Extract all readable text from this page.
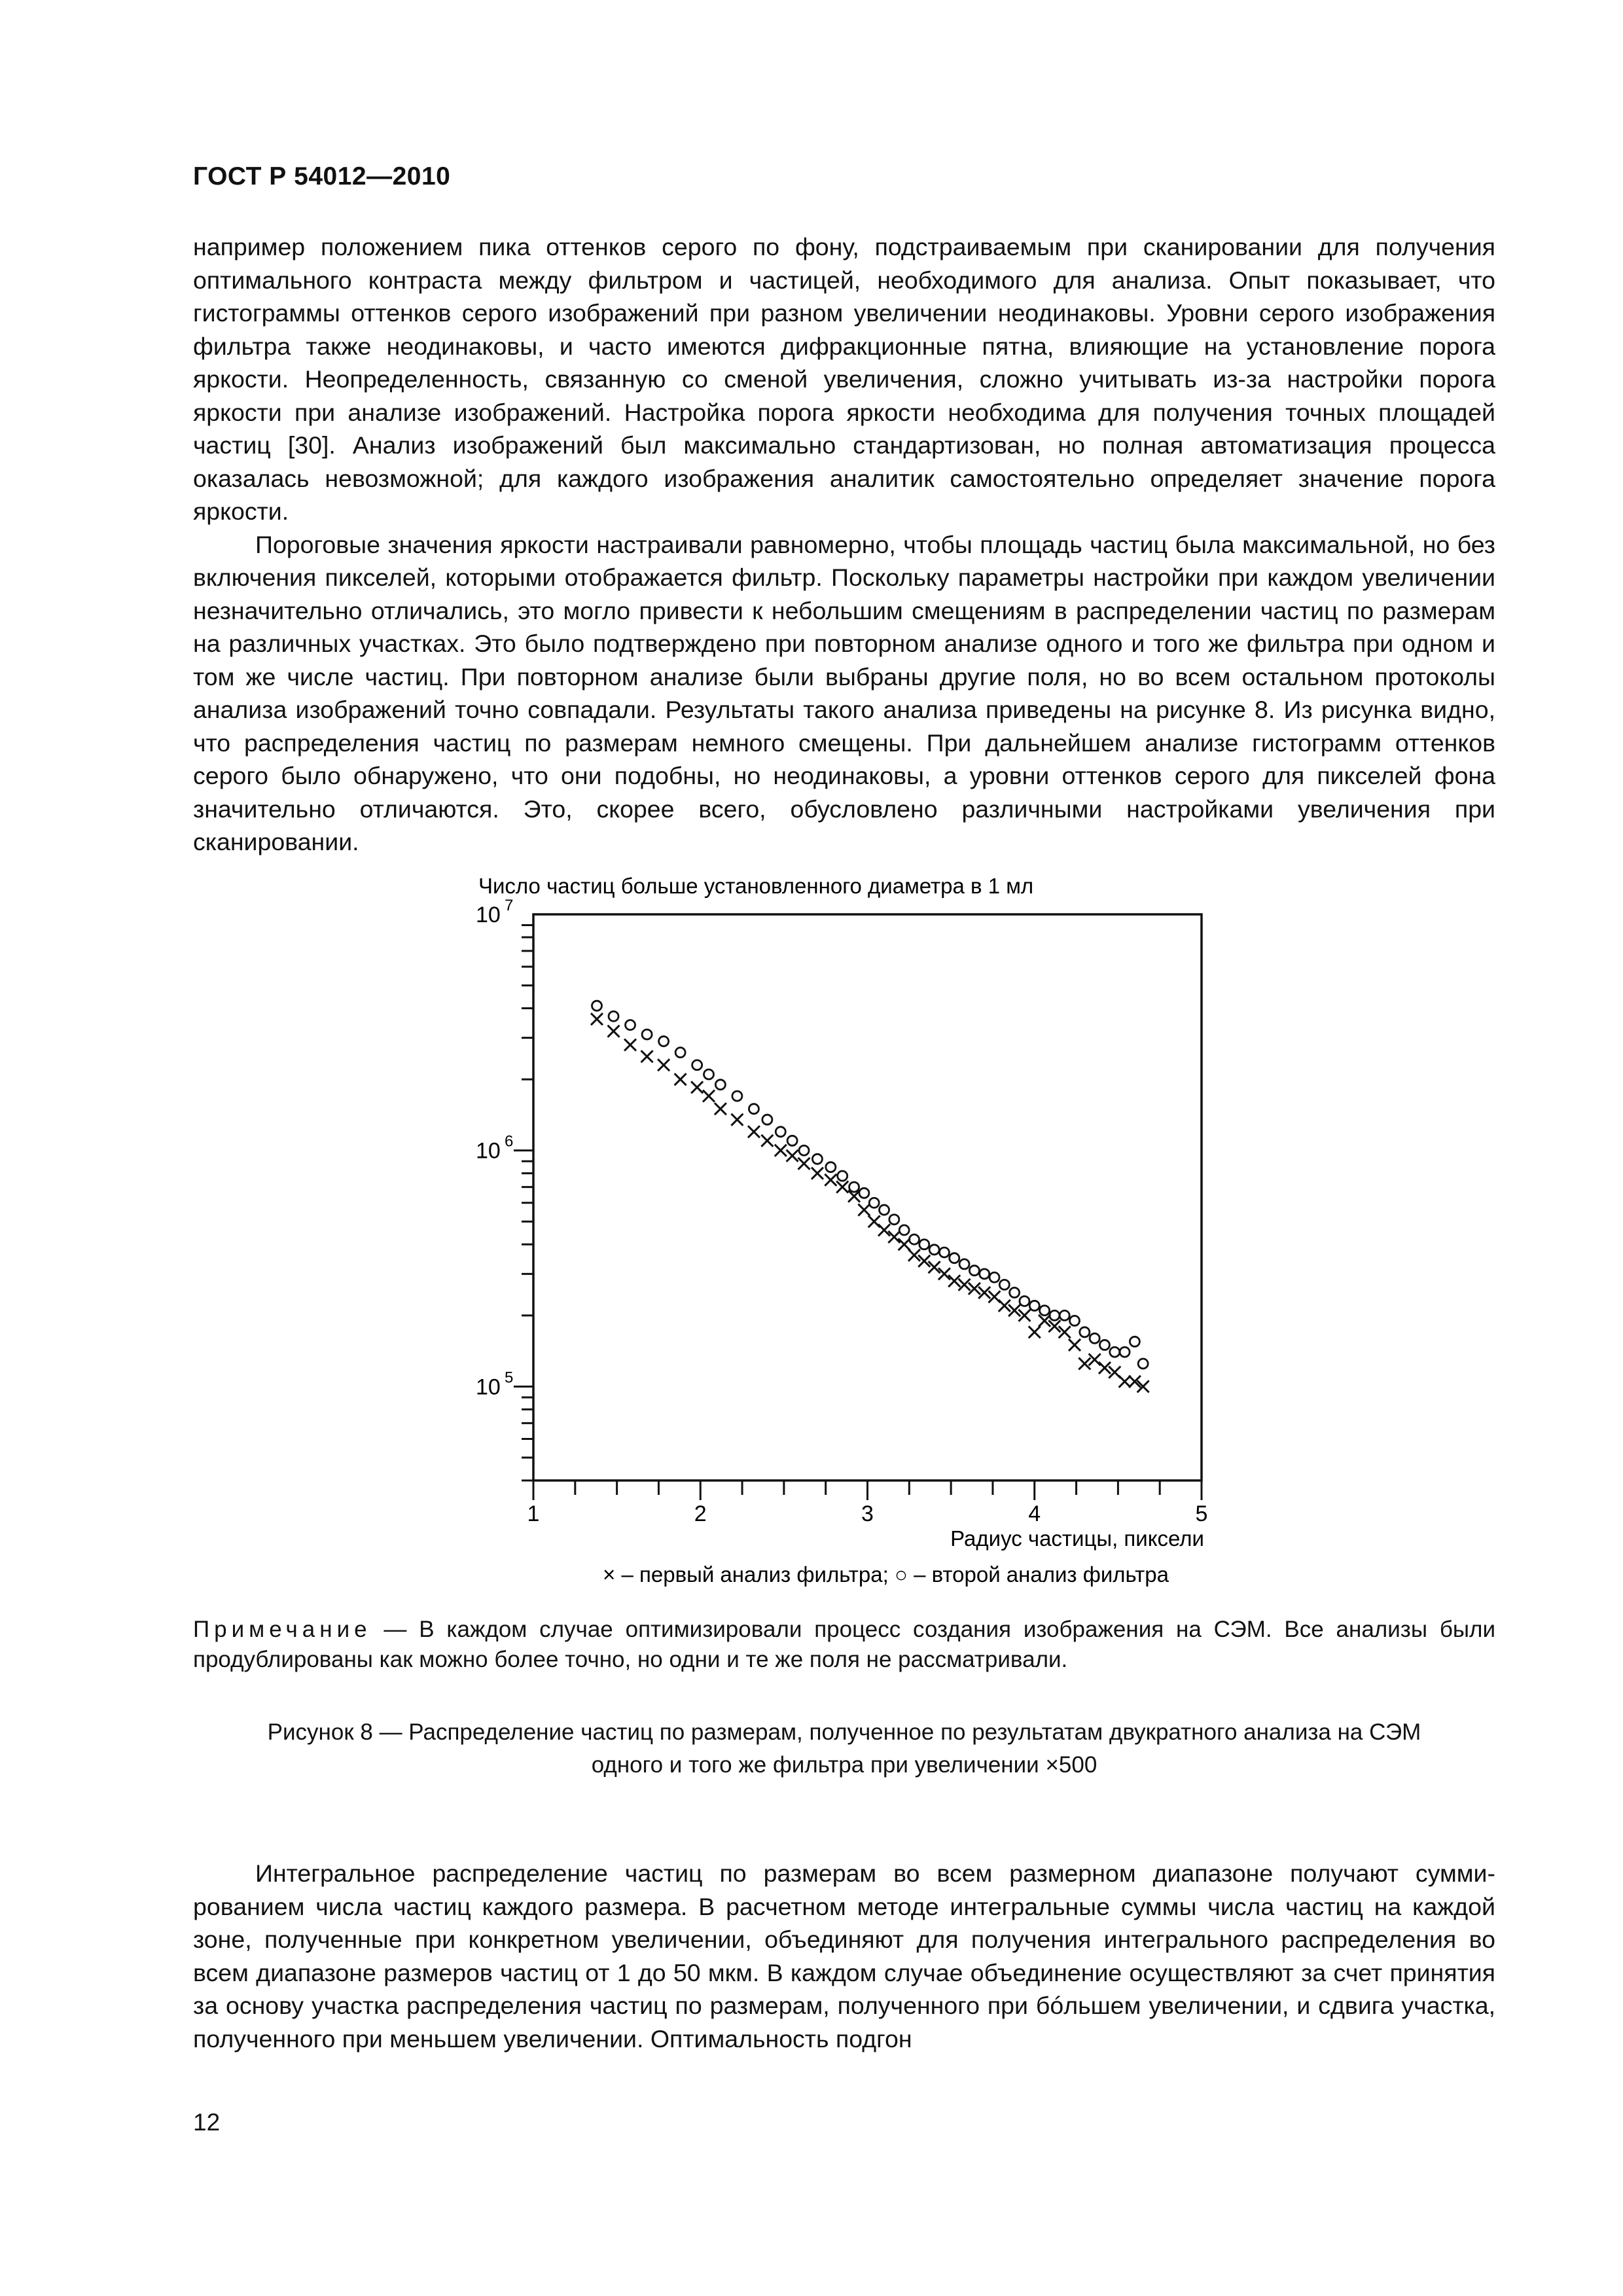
ГОСТ Р 54012—2010

например положением пика оттенков серого по фону, подстраиваемым при сканировании для получения оптимального контраста между фильтром и частицей, необходимого для анализа. Опыт показывает, что гистограммы оттенков серого изображений при разном увеличении неодинаковы. Уровни серого изображения фильтра также неодинаковы, и часто имеются дифракционные пятна, влияющие на установление порога яркости. Неопределенность, связанную со сменой увеличения, сложно учитывать из-за настройки порога яркости при анализе изображений. Настройка порога яркости необходима для получения точных площадей частиц [30]. Анализ изображений был максимально стандартизован, но полная автоматизация процесса оказалась невозможной; для каждого изображения аналитик самостоятельно определяет значение порога яркости.

Пороговые значения яркости настраивали равномерно, чтобы площадь частиц была максимальной, но без включения пикселей, которыми отображается фильтр. Поскольку параметры настройки при каждом увеличении незначительно отличались, это могло привести к небольшим смещениям в распределении частиц по размерам на различных участках. Это было подтверждено при повторном анализе одного и того же фильтра при одном и том же числе частиц. При повторном анализе были выбраны другие поля, но во всем остальном протоколы анализа изображений точно совпадали. Результаты такого анализа приведены на рисунке 8. Из рисунка видно, что распределения частиц по размерам немного смещены. При дальнейшем анализе гистограмм оттенков серого было обнаружено, что они подобны, но неодинаковы, а уровни оттенков серого для пикселей фона значительно отличаются. Это, скорее всего, обусловлено различными настройками увеличения при сканировании.

10 7
10 6
10 5
1	2	3	4	5
Число частиц больше установленного диаметра в 1 мл
Радиус частицы, пиксели
× – первый анализ фильтра; ○ – второй анализ фильтра
Примечание — В каждом случае оптимизировали процесс создания изображения на СЭМ. Все анализы были продублированы как можно более точно, но одни и те же поля не рассматривали.
Рисунок 8 — Распределение частиц по размерам, полученное по результатам двукратного анализа на СЭМ
одного и того же фильтра при увеличении ×500

Интегральное распределение частиц по размерам во всем размерном диапазоне получают суммированием числа частиц каждого размера. В расчетном методе интегральные суммы числа частиц на каждой зоне, полученные при конкретном увеличении, объединяют для получения интегрального распределения во всем диапазоне размеров частиц от 1 до 50 мкм. В каждом случае объединение осуществляют за счет принятия за основу участка распределения частиц по размерам, полученного при бóльшем увеличении, и сдвига участка, полученного при меньшем увеличении. Оптимальность подгон

12
